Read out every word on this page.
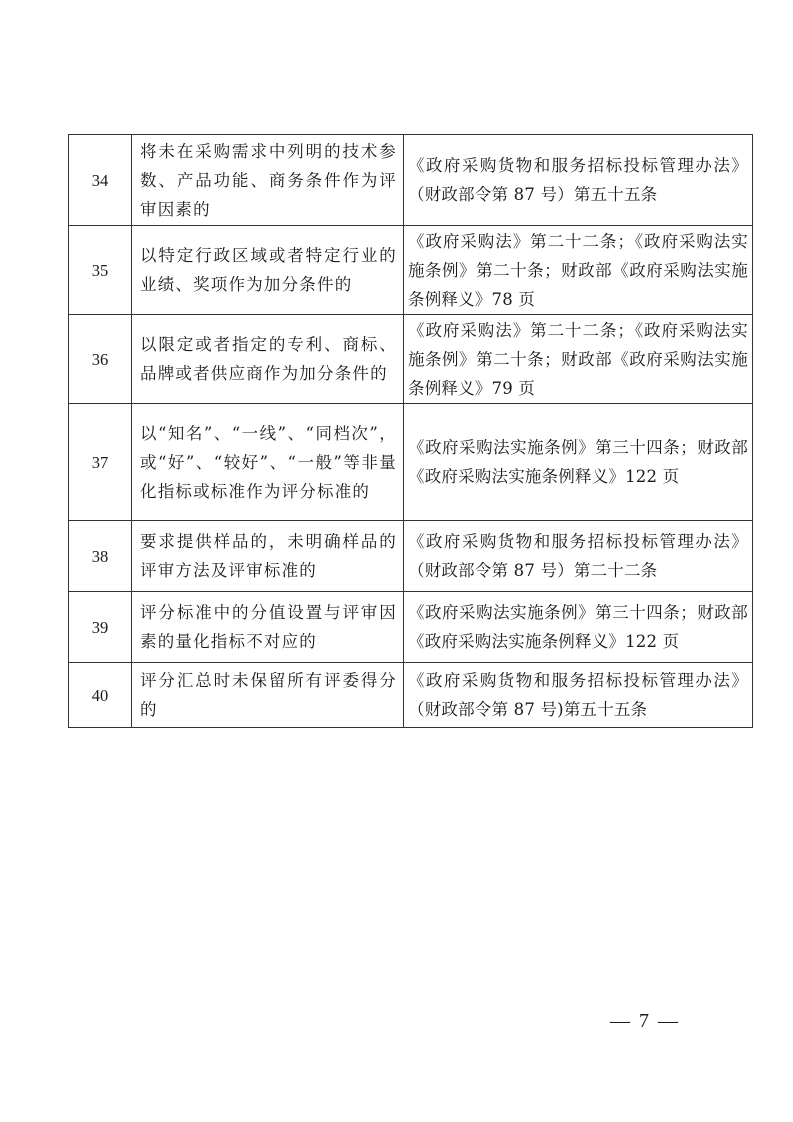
34	将未在采购需求中列明的技术参数、产品功能、商务条件作为评审因素的	《政府采购货物和服务招标投标管理办法》（财政部令第 87 号）第五十五条
35	以特定行政区域或者特定行业的业绩、奖项作为加分条件的	《政府采购法》第二十二条；《政府采购法实施条例》第二十条；财政部《政府采购法实施条例释义》78 页
36	以限定或者指定的专利、商标、品牌或者供应商作为加分条件的	《政府采购法》第二十二条；《政府采购法实施条例》第二十条；财政部《政府采购法实施条例释义》79 页
37	以“知名”、“一线”、“同档次”，或“好”、“较好”、“一般”等非量化指标或标准作为评分标准的	《政府采购法实施条例》第三十四条；财政部《政府采购法实施条例释义》122 页
38	要求提供样品的，未明确样品的评审方法及评审标准的	《政府采购货物和服务招标投标管理办法》（财政部令第 87 号）第二十二条
39	评分标准中的分值设置与评审因素的量化指标不对应的	《政府采购法实施条例》第三十四条；财政部《政府采购法实施条例释义》122 页
40	评分汇总时未保留所有评委得分的	《政府采购货物和服务招标投标管理办法》（财政部令第 87 号)第五十五条
— 7 —
